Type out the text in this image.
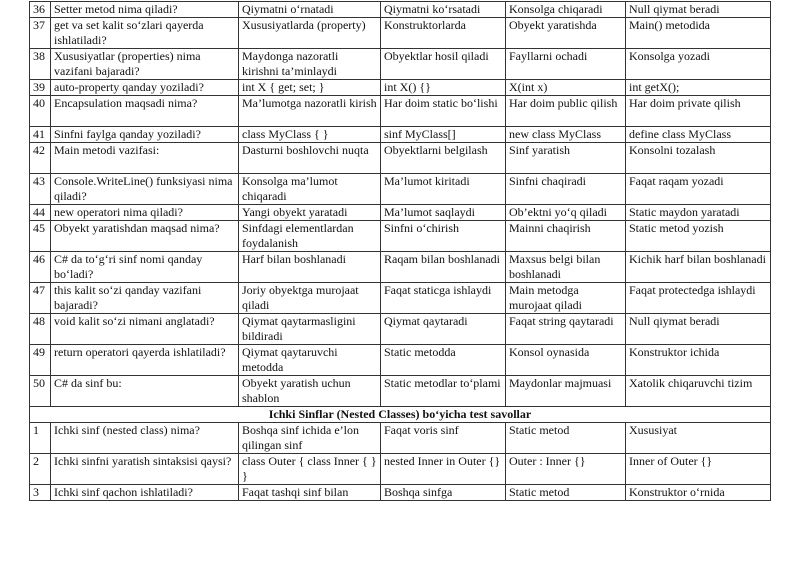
36	Setter metod nima qiladi?	Qiymatni o‘rnatadi	Qiymatni ko‘rsatadi	Konsolga chiqaradi	Null qiymat beradi
37	get va set kalit so‘zlari qayerda ishlatiladi?	Xususiyatlarda (property)	Konstruktorlarda	Obyekt yaratishda	Main() metodida
38	Xususiyatlar (properties) nima vazifani bajaradi?	Maydonga nazoratli kirishni ta’minlaydi	Obyektlar hosil qiladi	Fayllarni ochadi	Konsolga yozadi
39	auto-property qanday yoziladi?	int X { get; set; }	int X() {}	X(int x)	int getX();
40	Encapsulation maqsadi nima?	Ma’lumotga nazoratli kirish	Har doim static bo‘lishi	Har doim public qilish	Har doim private qilish
41	Sinfni faylga qanday yoziladi?	class MyClass { }	sinf MyClass[]	new class MyClass	define class MyClass
42	Main metodi vazifasi:	Dasturni boshlovchi nuqta	Obyektlarni belgilash	Sinf yaratish	Konsolni tozalash
43	Console.WriteLine() funksiyasi nima qiladi?	Konsolga ma’lumot chiqaradi	Ma’lumot kiritadi	Sinfni chaqiradi	Faqat raqam yozadi
44	new operatori nima qiladi?	Yangi obyekt yaratadi	Ma’lumot saqlaydi	Ob’ektni yo‘q qiladi	Static maydon yaratadi
45	Obyekt yaratishdan maqsad nima?	Sinfdagi elementlardan foydalanish	Sinfni o‘chirish	Mainni chaqirish	Static metod yozish
46	C# da to‘g‘ri sinf nomi qanday bo‘ladi?	Harf bilan boshlanadi	Raqam bilan boshlanadi	Maxsus belgi bilan boshlanadi	Kichik harf bilan boshlanadi
47	this kalit so‘zi qanday vazifani bajaradi?	Joriy obyektga murojaat qiladi	Faqat staticga ishlaydi	Main metodga murojaat qiladi	Faqat protectedga ishlaydi
48	void kalit so‘zi nimani anglatadi?	Qiymat qaytarmasligini bildiradi	Qiymat qaytaradi	Faqat string qaytaradi	Null qiymat beradi
49	return operatori qayerda ishlatiladi?	Qiymat qaytaruvchi metodda	Static metodda	Konsol oynasida	Konstruktor ichida
50	C# da sinf bu:	Obyekt yaratish uchun shablon	Static metodlar to‘plami	Maydonlar majmuasi	Xatolik chiqaruvchi tizim
Ichki Sinflar (Nested Classes) bo‘yicha test savollar					
1	Ichki sinf (nested class) nima?	Boshqa sinf ichida e’lon qilingan sinf	Faqat voris sinf	Static metod	Xususiyat
2	Ichki sinfni yaratish sintaksisi qaysi?	class Outer { class Inner { } }	nested Inner in Outer {}	Outer : Inner {}	Inner of Outer {}
3	Ichki sinf qachon ishlatiladi?	Faqat tashqi sinf bilan	Boshqa sinfga	Static metod	Konstruktor o‘rnida
